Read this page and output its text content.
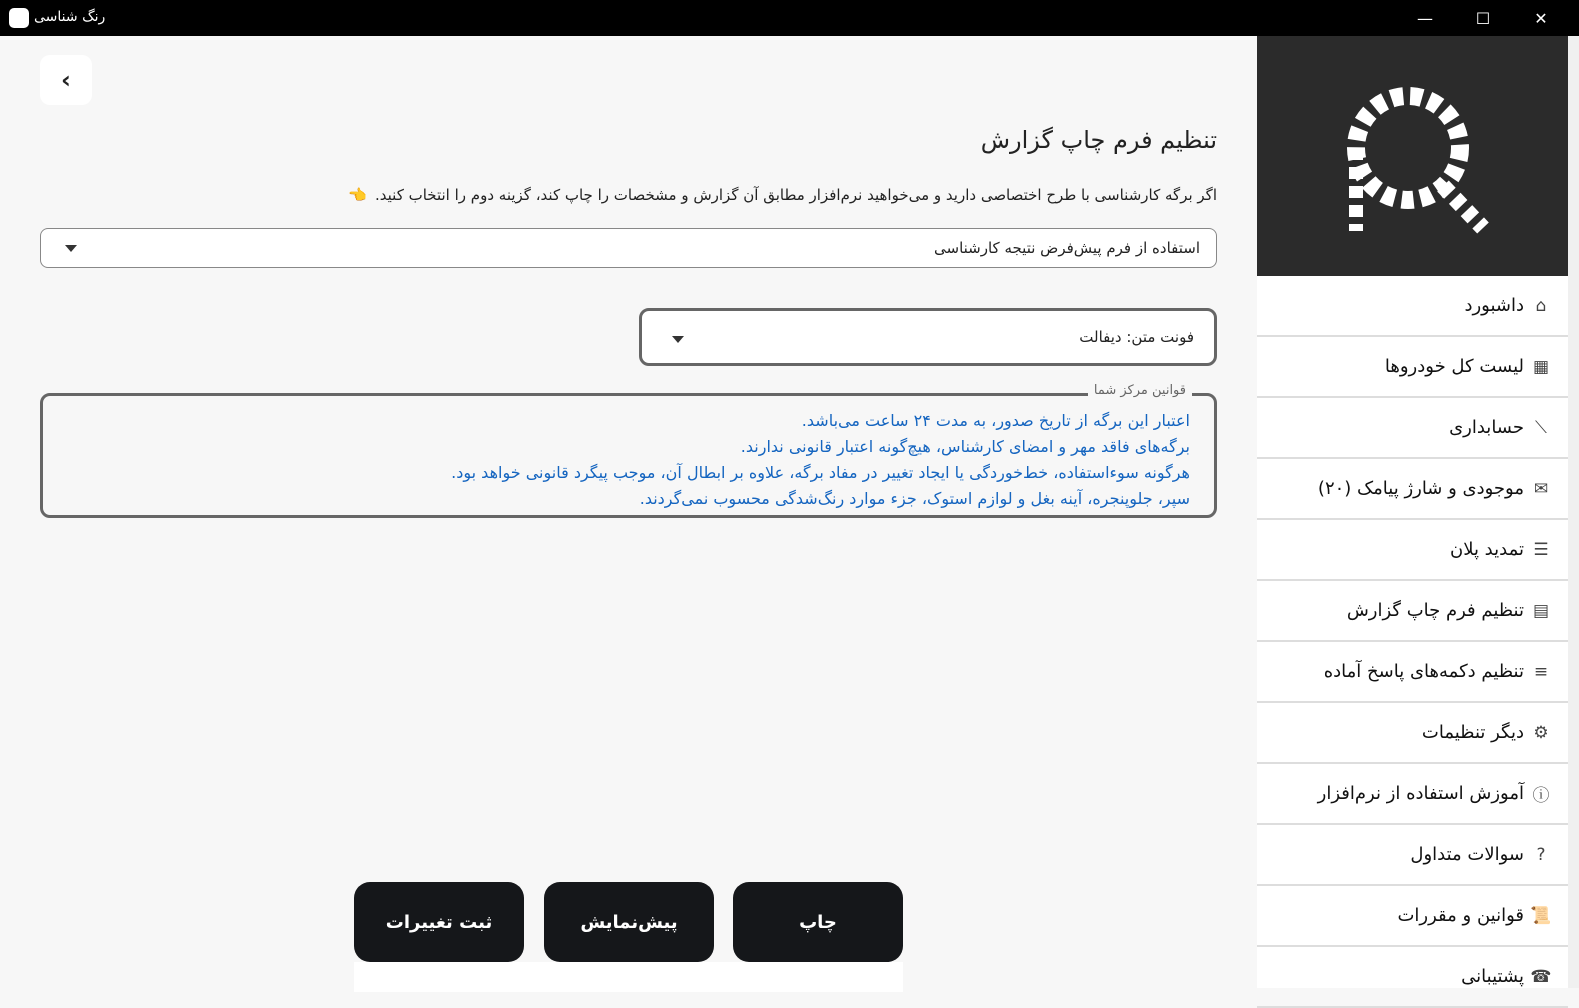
رنگ شناسی	—	☐	✕
‹
تنظیم فرم چاپ گزارش
اگر برگه کارشناسی با طرح اختصاصی دارید و می‌خواهید نرم‌افزار مطابق آن گزارش و مشخصات را چاپ کند، گزینه دوم را انتخاب کنید.
👈
استفاده از فرم پیش‌فرض نتیجه کارشناسی
فونت متن: دیفالت
قوانین مرکز شما
اعتبار این برگه از تاریخ صدور، به مدت ۲۴ ساعت می‌باشد.
برگه‌های فاقد مهر و امضای کارشناس، هیچ‌گونه اعتبار قانونی ندارند.
هرگونه سوءاستفاده، خط‌خوردگی یا ایجاد تغییر در مفاد برگه، علاوه بر ابطال آن، موجب پیگرد قانونی خواهد بود.
سپر، جلوپنجره، آینه بغل و لوازم استوک، جزء موارد رنگ‌شدگی محسوب نمی‌گردند.
ثبت تغییرات	پیش‌نمایش	چاپ
⌂
داشبورد
▦
لیست کل خودروها
⟋
حسابداری
✉
موجودی و شارژ پیامک (۲۰)
☰
تمدید پلان
▤
تنظیم فرم چاپ گزارش
≡
تنظیم دکمه‌های پاسخ آماده
⚙
دیگر تنظیمات
ⓘ
آموزش استفاده از نرم‌افزار
?
سوالات متداول
📜
قوانین و مقررات
☎
پشتیبانی
